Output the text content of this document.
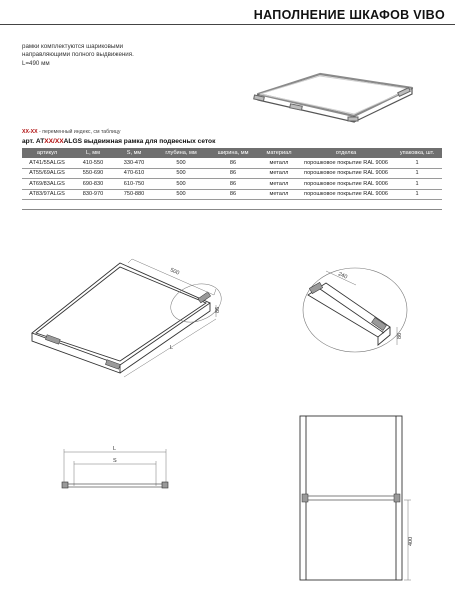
НАПОЛНЕНИЕ ШКАФОВ VIBO
рамки комплектуются шариковыми
направляющими полного выдвижения.
L=490 мм
XX-XX - переменный индекс, см таблицу
арт. ATXX/XXALGS выдвижная рамка для подвесных сеток
артикул	L, мм	S, мм	глубина, мм	ширина, мм	материал	отделка	упаковка, шт.
AT41/55ALGS	410-550	330-470	500	86	металл	порошковое покрытие RAL 9006	1
AT55/69ALGS	550-690	470-610	500	86	металл	порошковое покрытие RAL 9006	1
AT69/83ALGS	690-830	610-750	500	86	металл	порошковое покрытие RAL 9006	1
AT83/97ALGS	830-970	750-880	500	86	металл	порошковое покрытие RAL 9006	1
500
86
L
240
86
L
S
400
